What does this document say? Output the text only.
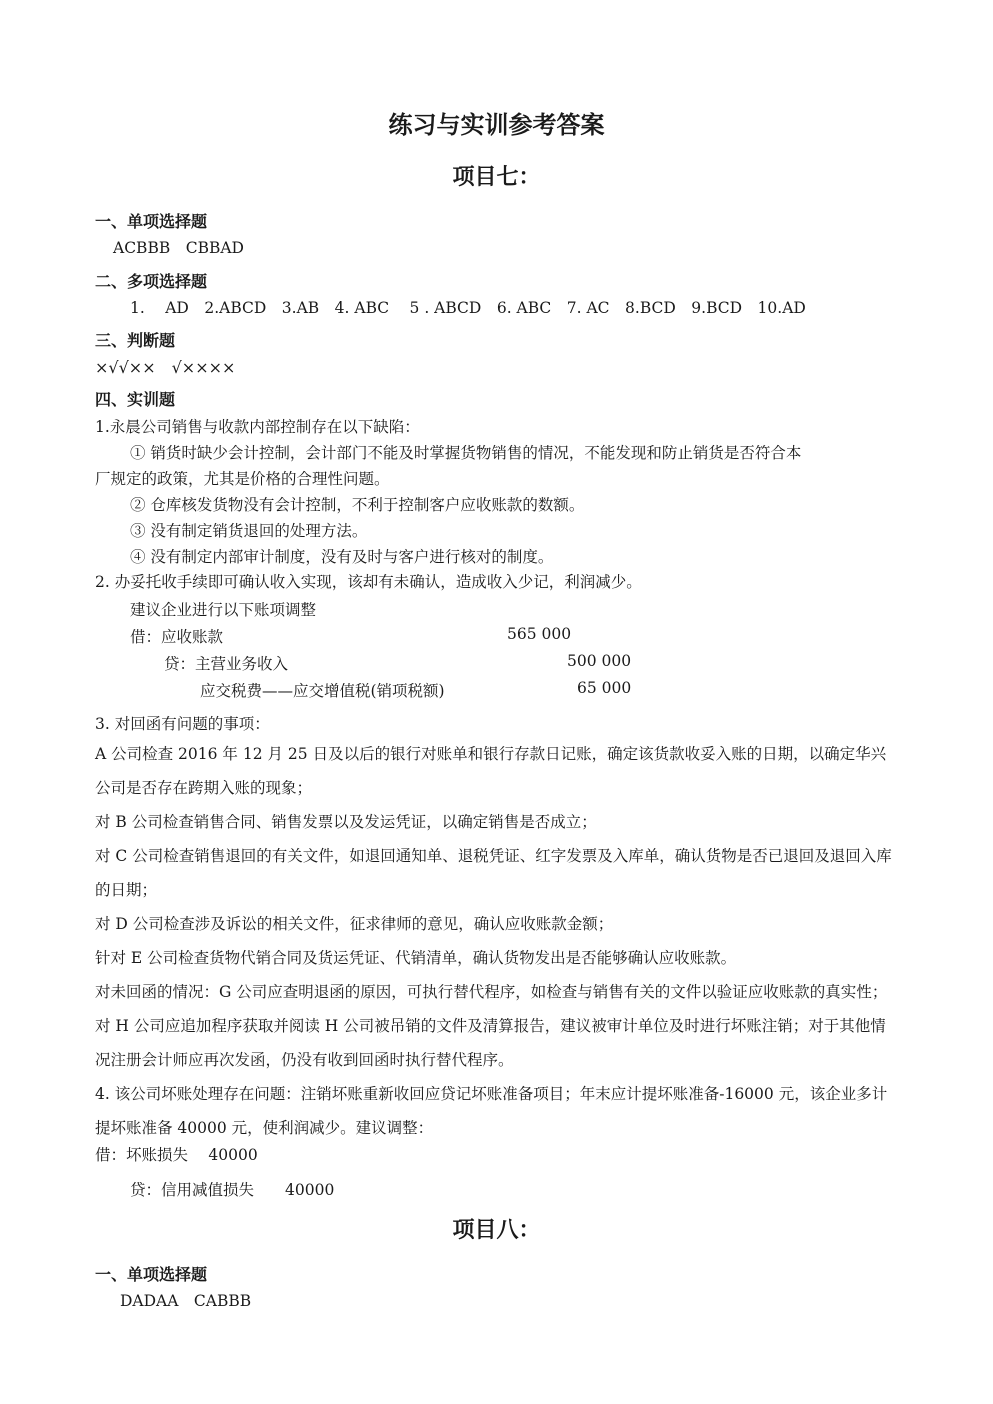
练习与实训参考答案
项目七：
一、单项选择题
ACBBB　CBBAD
二、多项选择题
1.　 AD　2.ABCD　3.AB　4. ABC　 5 . ABCD　6. ABC　7. AC　8.BCD　9.BCD　10.AD
三、判断题
×√√××　√××××
四、实训题
1.永晨公司销售与收款内部控制存在以下缺陷：
① 销货时缺少会计控制，会计部门不能及时掌握货物销售的情况，不能发现和防止销货是否符合本
厂规定的政策，尤其是价格的合理性问题。
② 仓库核发货物没有会计控制，不利于控制客户应收账款的数额。
③ 没有制定销货退回的处理方法。
④ 没有制定内部审计制度，没有及时与客户进行核对的制度。
2. 办妥托收手续即可确认收入实现，该却有未确认，造成收入少记，利润减少。
建议企业进行以下账项调整
借：应收账款	565 000
贷：主营业务收入	500 000
应交税费——应交增值税(销项税额)	65 000
3. 对回函有问题的事项：

A 公司检查 2016 年 12 月 25 日及以后的银行对账单和银行存款日记账，确定该货款收妥入账的日期，以确定华兴公司是否存在跨期入账的现象；

对 B 公司检查销售合同、销售发票以及发运凭证，以确定销售是否成立；

对 C 公司检查销售退回的有关文件，如退回通知单、退税凭证、红字发票及入库单，确认货物是否已退回及退回入库的日期；

对 D 公司检查涉及诉讼的相关文件，征求律师的意见，确认应收账款金额；

针对 E 公司检查货物代销合同及货运凭证、代销清单，确认货物发出是否能够确认应收账款。

对未回函的情况：G 公司应查明退函的原因，可执行替代程序，如检查与销售有关的文件以验证应收账款的真实性；对 H 公司应追加程序获取并阅读 H 公司被吊销的文件及清算报告，建议被审计单位及时进行坏账注销；对于其他情况注册会计师应再次发函，仍没有收到回函时执行替代程序。

4. 该公司坏账处理存在问题：注销坏账重新收回应贷记坏账准备项目；年末应计提坏账准备-16000 元，该企业多计提坏账准备 40000 元，使利润减少。建议调整：

借：坏账损失　 40000
贷：信用减值损失　　40000
项目八：
一、单项选择题
DADAA　CABBB
